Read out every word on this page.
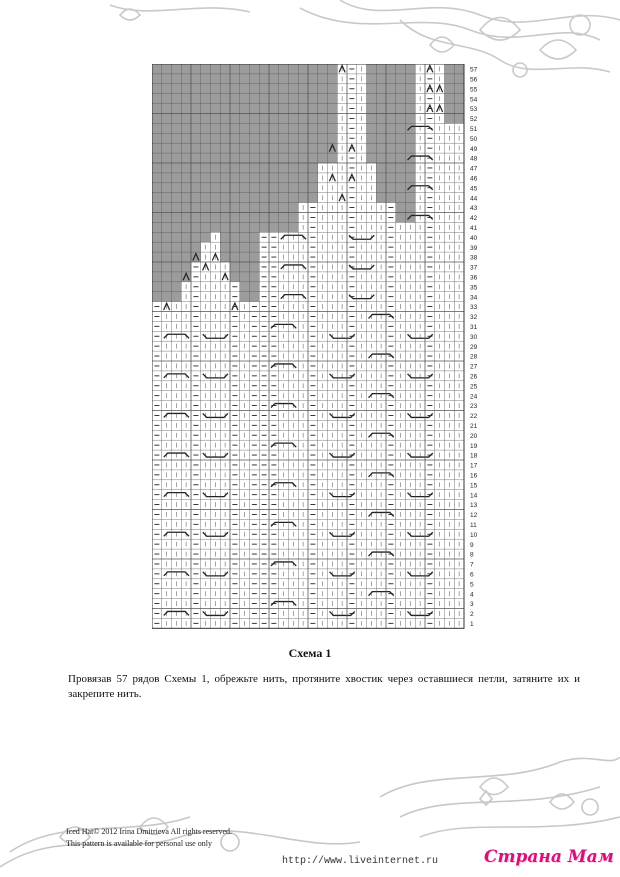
1
2
3
4
5
6
7
8
9
10
11
12
13
14
15
16
17
18
19
20
21
22
23
24
25
26
27
28
29
30
31
32
33
34
35
36
37
38
39
40
41
42
43
44
45
46
47
48
49
50
51
52
53
54
55
56
57
Схема 1
Провязав 57 рядов Схемы 1, обрежьте нить, протяните хвостик через оставшиеся петли, затяните их и закрепите нить.
Iced Hat© 2012 Irina Dmitrieva All rights reserved.
This pattern is available for personal use only
http://www.liveinternet.ru	Страна Мам
